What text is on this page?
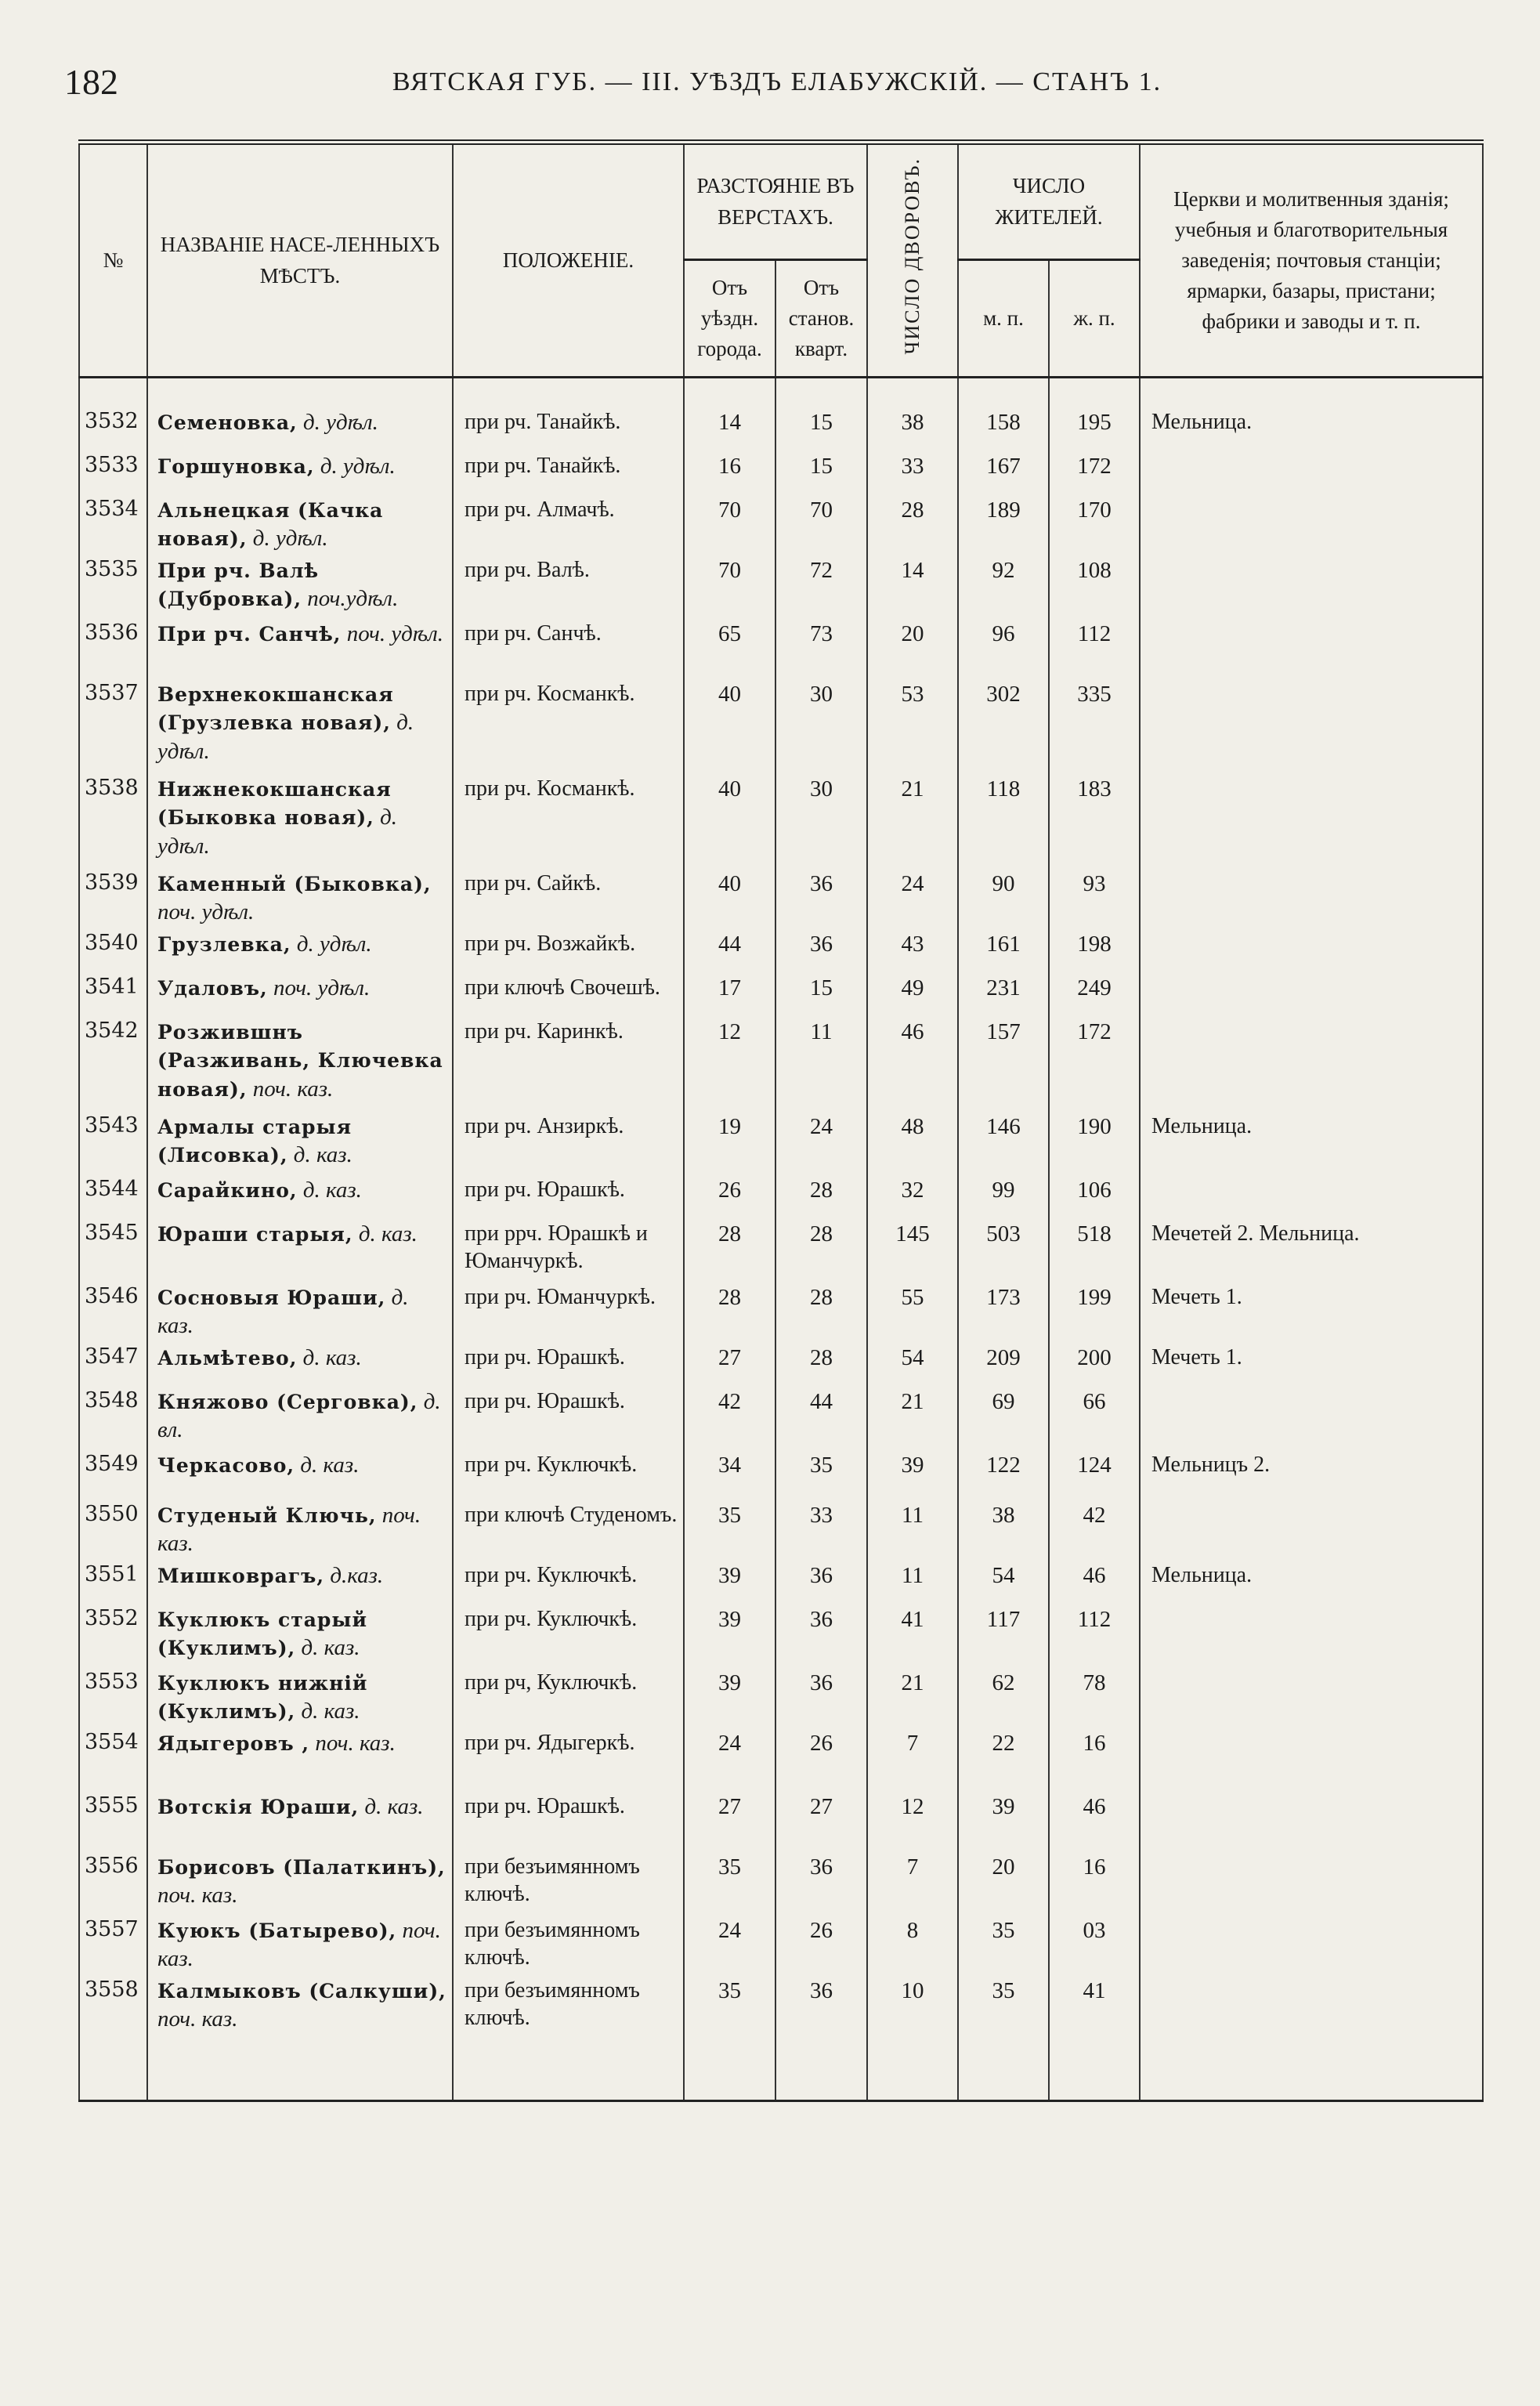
182	ВЯТСКАЯ ГУБ. — III. УѢЗДЪ ЕЛАБУЖСКIЙ. — СТАНЪ 1.
№	НАЗВАНIЕ НАСЕ-ЛЕННЫХЪ МѢСТЪ.	ПОЛОЖЕНIЕ.	РАЗСТОЯНIЕ ВЪ ВЕРСТАХЪ.		ЧИСЛО ДВОРОВЪ.	ЧИСЛО ЖИТЕЛЕЙ.		Церкви и молитвенныя зданiя; учебныя и благотворительныя заведенiя; почтовыя станцiи; ярмарки, базары, пристани; фабрики и заводы и т. п.

			Отъ уѣздн. города.	Отъ станов. кварт.		м. п.	ж. п.	

3532	Семеновка, д. удѣл.	при рч. Танайкѣ.	14	15	38	158	195	Мельница.
3533	Горшуновка, д. удѣл.	при рч. Танайкѣ.	16	15	33	167	172	
3534	Альнецкая (Качка новая), д. удѣл.	при рч. Алмачѣ.	70	70	28	189	170	
3535	При рч. Валѣ (Дубровка), поч.удѣл.	при рч. Валѣ.	70	72	14	92	108	
3536	При рч. Санчѣ, поч. удѣл.	при рч. Санчѣ.	65	73	20	96	112	
3537	Верхнекокшанская (Грузлевка новая), д. удѣл.	при рч. Косманкѣ.	40	30	53	302	335	
3538	Нижнекокшанская (Быковка новая), д. удѣл.	при рч. Косманкѣ.	40	30	21	118	183	
3539	Каменный (Быковка), поч. удѣл.	при рч. Сайкѣ.	40	36	24	90	93	
3540	Грузлевка, д. удѣл.	при рч. Возжайкѣ.	44	36	43	161	198	
3541	Удаловъ, поч. удѣл.	при ключѣ Свочешѣ.	17	15	49	231	249	
3542	Розжившнъ (Разживань, Ключевка новая), поч. каз.	при рч. Каринкѣ.	12	11	46	157	172	
3543	Армалы старыя (Лисовка), д. каз.	при рч. Анзиркѣ.	19	24	48	146	190	Мельница.
3544	Сарайкино, д. каз.	при рч. Юрашкѣ.	26	28	32	99	106	
3545	Юраши старыя, д. каз.	при ррч. Юрашкѣ и Юманчуркѣ.	28	28	145	503	518	Мечетей 2. Мельница.
3546	Сосновыя Юраши, д. каз.	при рч. Юманчуркѣ.	28	28	55	173	199	Мечеть 1.
3547	Альмѣтево, д. каз.	при рч. Юрашкѣ.	27	28	54	209	200	Мечеть 1.
3548	Княжово (Серговка), д. вл.	при рч. Юрашкѣ.	42	44	21	69	66	
3549	Черкасово, д. каз.	при рч. Куключкѣ.	34	35	39	122	124	Мельницъ 2.
3550	Студеный Ключь, поч. каз.	при ключѣ Студеномъ.	35	33	11	38	42	
3551	Мишковрагъ, д.каз.	при рч. Куключкѣ.	39	36	11	54	46	Мельница.
3552	Куклюкъ старый (Куклимъ), д. каз.	при рч. Куключкѣ.	39	36	41	117	112	
3553	Куклюкъ нижнiй (Куклимъ), д. каз.	при рч, Куключкѣ.	39	36	21	62	78	
3554	Ядыгеровъ , поч. каз.	при рч. Ядыгеркѣ.	24	26	7	22	16	
3555	Вотскiя Юраши, д. каз.	при рч. Юрашкѣ.	27	27	12	39	46	
3556	Борисовъ (Палаткинъ), поч. каз.	при безъимянномъ ключѣ.	35	36	7	20	16	
3557	Куюкъ (Батырево), поч. каз.	при безъимянномъ ключѣ.	24	26	8	35	03	
3558	Калмыковъ (Салкуши), поч. каз.	при безъимянномъ ключѣ.	35	36	10	35	41	
